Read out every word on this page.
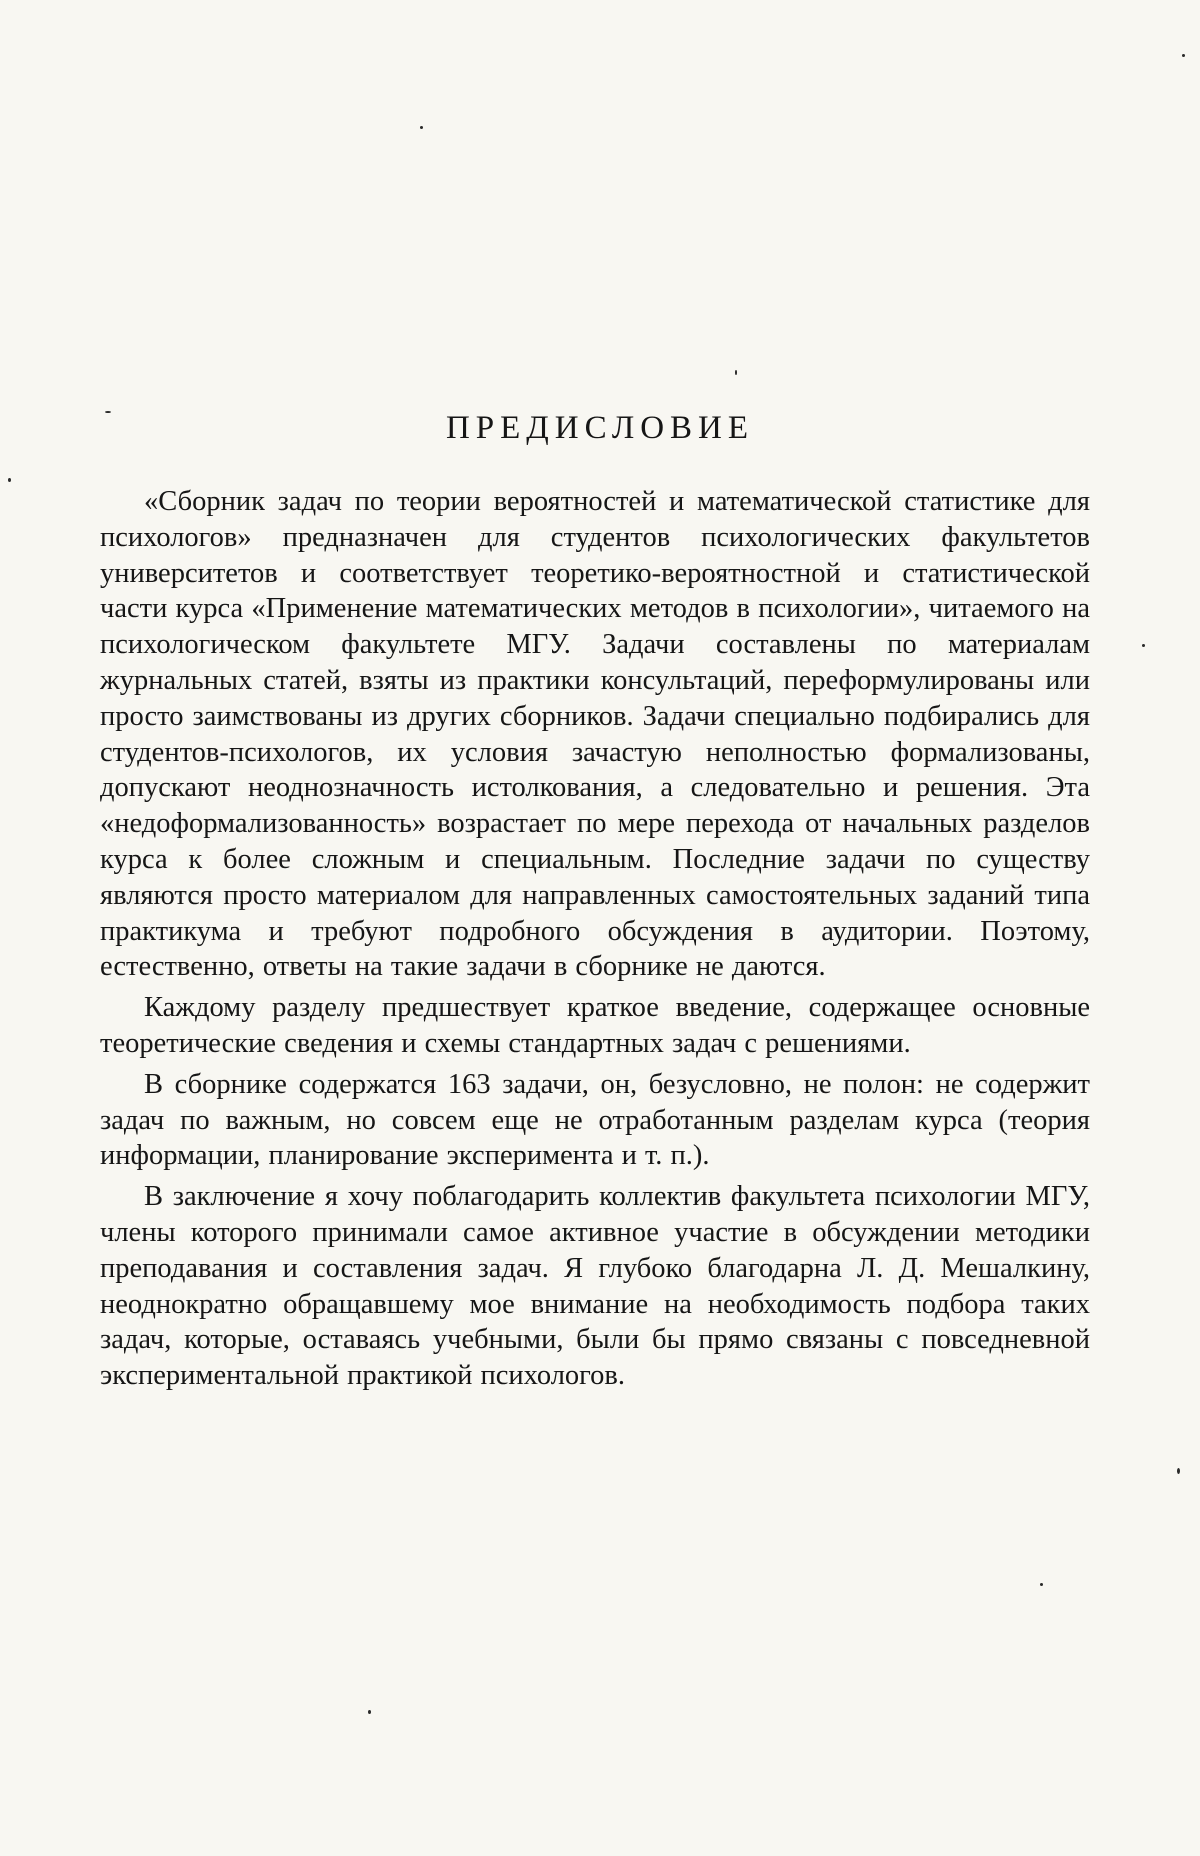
ПРЕДИСЛОВИЕ

«Сборник задач по теории вероятностей и математической статистике для психологов» предназначен для студентов психологических факультетов университетов и соответствует теоретико-вероятностной и статистической части курса «Применение математических методов в психологии», читаемого на психологическом факультете МГУ. Задачи составлены по материалам журнальных статей, взяты из практики консультаций, переформулированы или просто заимствованы из других сборников. Задачи специально подбирались для студентов-психологов, их условия зачастую неполностью формализованы, допускают неоднозначность истолкования, а следовательно и решения. Эта «недоформализованность» возрастает по мере перехода от начальных разделов курса к более сложным и специальным. Последние задачи по существу являются просто материалом для направленных самостоятельных заданий типа практикума и требуют подробного обсуждения в аудитории. Поэтому, естественно, ответы на такие задачи в сборнике не даются.

Каждому разделу предшествует краткое введение, содержащее основные теоретические сведения и схемы стандартных задач с решениями.

В сборнике содержатся 163 задачи, он, безусловно, не полон: не содержит задач по важным, но совсем еще не отработанным разделам курса (теория информации, планирование эксперимента и т. п.).

В заключение я хочу поблагодарить коллектив факультета психологии МГУ, члены которого принимали самое активное участие в обсуждении методики преподавания и составления задач. Я глубоко благодарна Л. Д. Мешалкину, неоднократно обращавшему мое внимание на необходимость подбора таких задач, которые, оставаясь учебными, были бы прямо связаны с повседневной экспериментальной практикой психологов.
